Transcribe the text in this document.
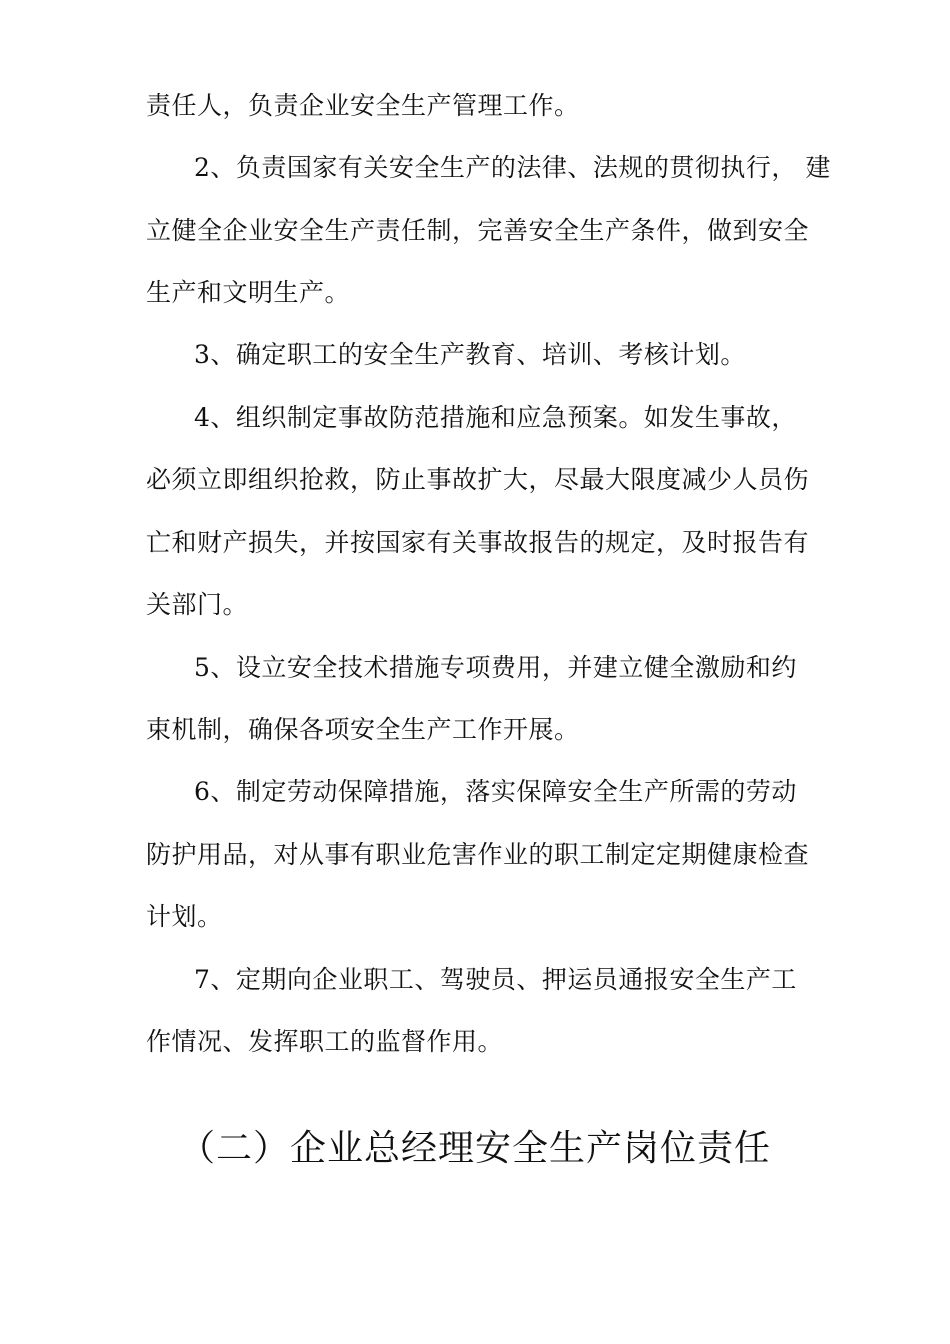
责任人，负责企业安全生产管理工作。
2、负责国家有关安全生产的法律、法规的贯彻执行， 建
立健全企业安全生产责任制，完善安全生产条件，做到安全
生产和文明生产。
3、确定职工的安全生产教育、培训、考核计划。
4、组织制定事故防范措施和应急预案。如发生事故，
必须立即组织抢救，防止事故扩大，尽最大限度减少人员伤
亡和财产损失，并按国家有关事故报告的规定，及时报告有
关部门。
5、设立安全技术措施专项费用，并建立健全激励和约
束机制，确保各项安全生产工作开展。
6、制定劳动保障措施，落实保障安全生产所需的劳动
防护用品，对从事有职业危害作业的职工制定定期健康检查
计划。
7、定期向企业职工、驾驶员、押运员通报安全生产工
作情况、发挥职工的监督作用。
（二）企业总经理安全生产岗位责任
